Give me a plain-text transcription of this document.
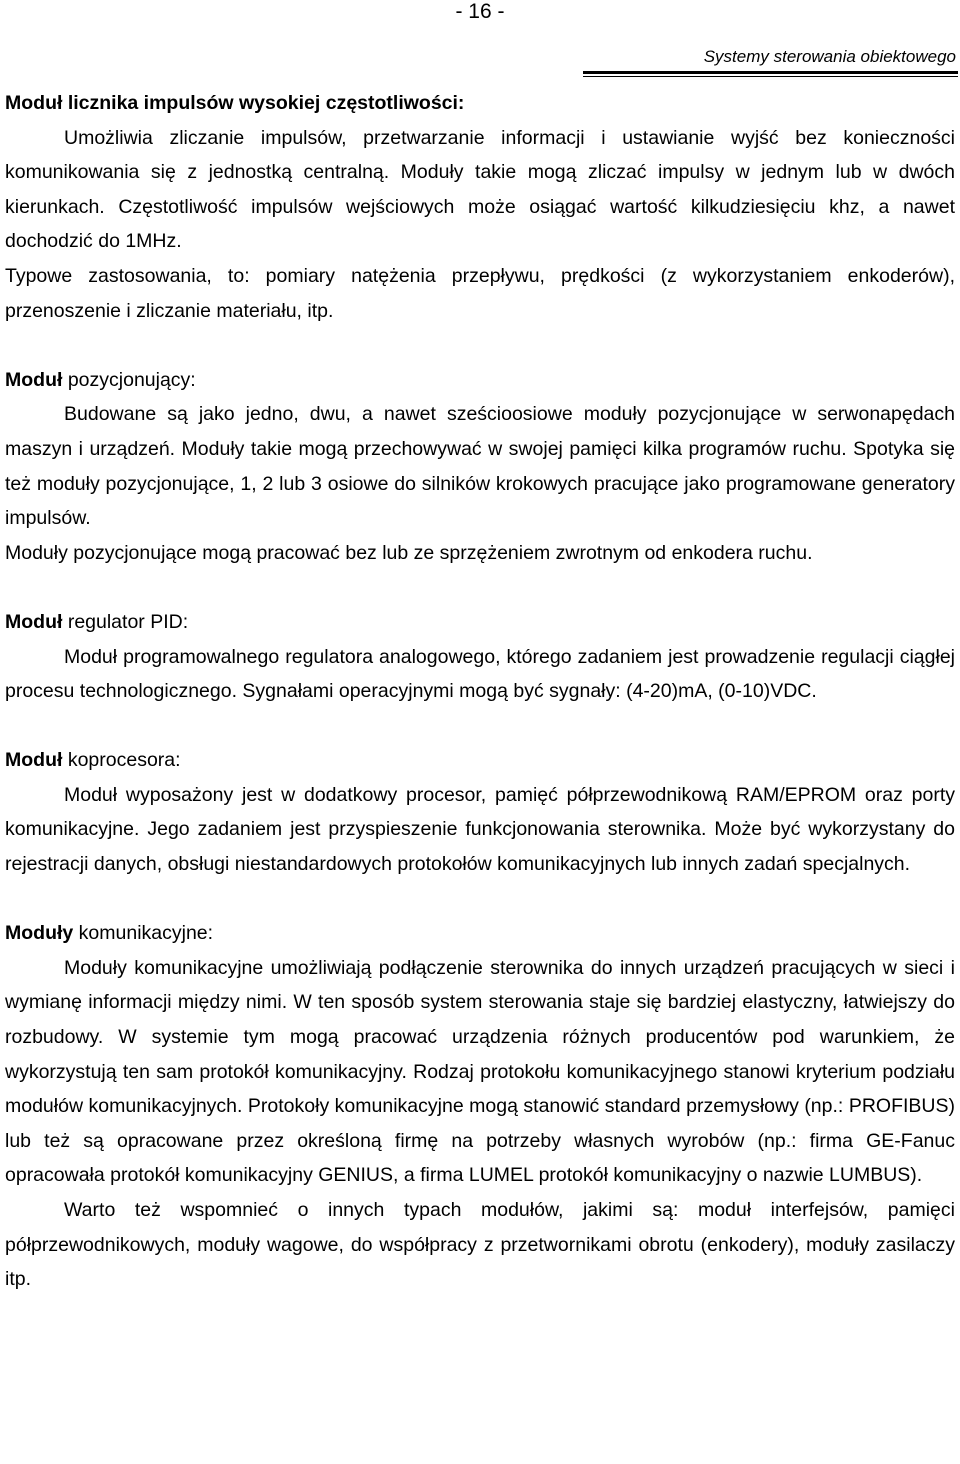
- 16 -
Systemy sterowania obiektowego
Moduł licznika impulsów wysokiej częstotliwości:

Umożliwia zliczanie impulsów, przetwarzanie informacji i ustawianie wyjść bez konieczności komunikowania się z jednostką centralną. Moduły takie mogą zliczać impulsy w jednym lub w dwóch kierunkach. Częstotliwość impulsów wejściowych może osiągać wartość kilkudziesięciu khz, a nawet dochodzić do 1MHz.

Typowe zastosowania, to: pomiary natężenia przepływu, prędkości (z wykorzystaniem enkoderów), przenoszenie i zliczanie materiału, itp.

Moduł pozycjonujący:

Budowane są jako jedno, dwu, a nawet sześcioosiowe moduły pozycjonujące w serwonapędach maszyn i urządzeń. Moduły takie mogą przechowywać w swojej pamięci kilka programów ruchu. Spotyka się też moduły pozycjonujące, 1, 2 lub 3 osiowe do silników krokowych pracujące jako programowane generatory impulsów.

Moduły pozycjonujące mogą pracować bez lub ze sprzężeniem zwrotnym od enkodera ruchu.

Moduł regulator PID:

Moduł programowalnego regulatora analogowego, którego zadaniem jest prowadzenie regulacji ciągłej procesu technologicznego. Sygnałami operacyjnymi mogą być sygnały: (4-20)mA, (0-10)VDC.

Moduł koprocesora:

Moduł wyposażony jest w dodatkowy procesor, pamięć półprzewodnikową RAM/EPROM oraz porty komunikacyjne. Jego zadaniem jest przyspieszenie funkcjonowania sterownika. Może być wykorzystany do rejestracji danych, obsługi niestandardowych protokołów komunikacyjnych lub innych zadań specjalnych.

Moduły komunikacyjne:

Moduły komunikacyjne umożliwiają podłączenie sterownika do innych urządzeń pracujących w sieci i wymianę informacji między nimi. W ten sposób system sterowania staje się bardziej elastyczny, łatwiejszy do rozbudowy. W systemie tym mogą pracować urządzenia różnych producentów pod warunkiem, że wykorzystują ten sam protokół komunikacyjny. Rodzaj protokołu komunikacyjnego stanowi kryterium podziału modułów komunikacyjnych. Protokoły komunikacyjne mogą stanowić standard przemysłowy (np.: PROFIBUS) lub też są opracowane przez określoną firmę na potrzeby własnych wyrobów (np.: firma GE-Fanuc opracowała protokół komunikacyjny GENIUS, a firma LUMEL protokół komunikacyjny o nazwie LUMBUS).

Warto też wspomnieć o innych typach modułów, jakimi są: moduł interfejsów, pamięci półprzewodnikowych, moduły wagowe, do współpracy z przetwornikami obrotu (enkodery), moduły zasilaczy itp.
